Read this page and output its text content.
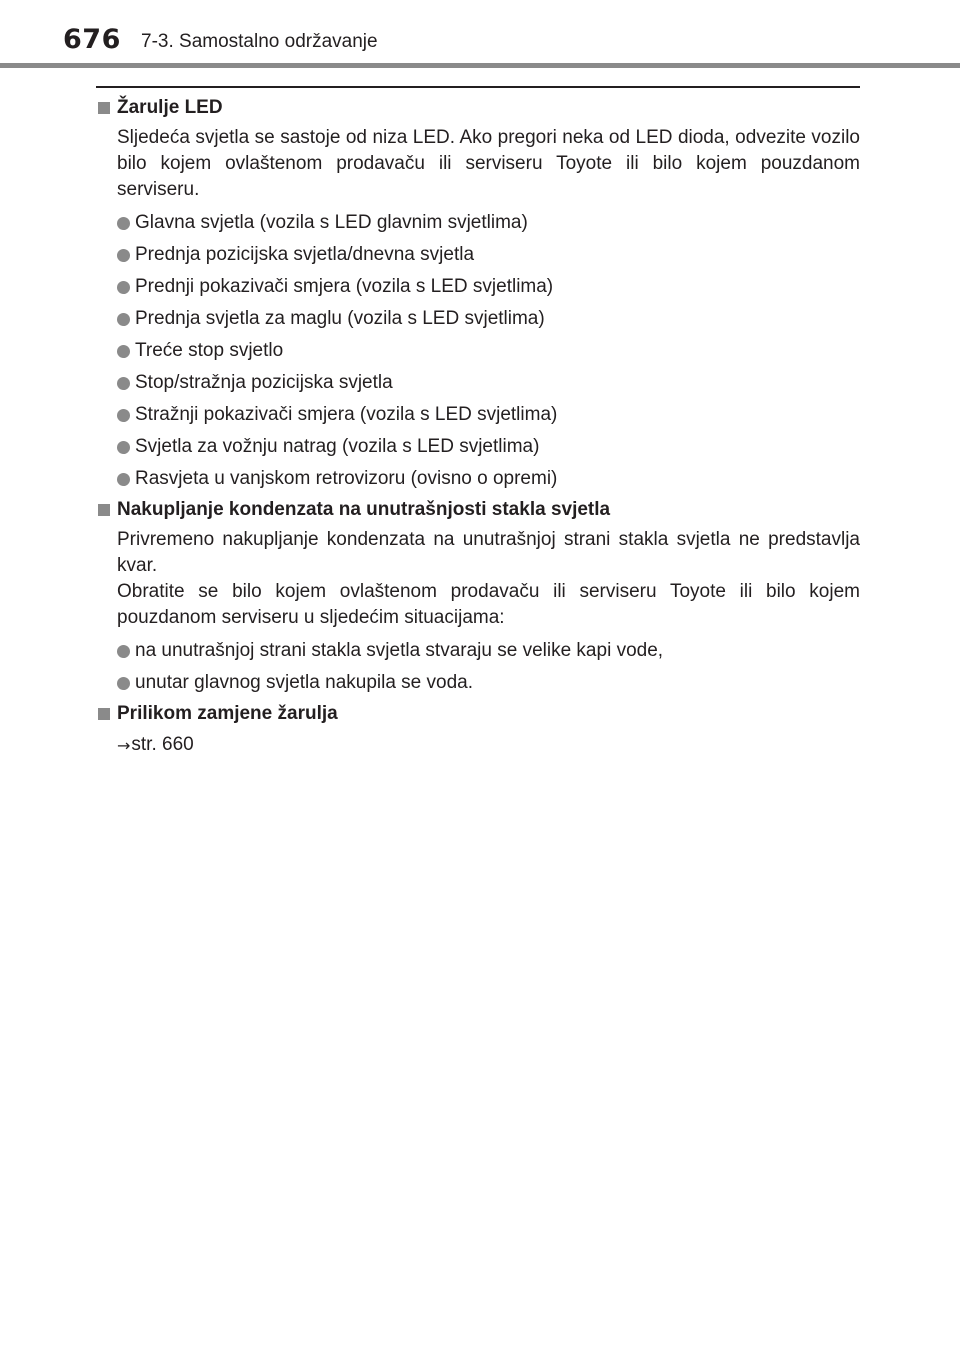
676 7-3. Samostalno održavanje
Žarulje LED
Sljedeća svjetla se sastoje od niza LED. Ako pregori neka od LED dioda, odvezite vozilo bilo kojem ovlaštenom prodavaču ili serviseru Toyote ili bilo kojem pouzdanom serviseru.
Glavna svjetla (vozila s LED glavnim svjetlima)
Prednja pozicijska svjetla/dnevna svjetla
Prednji pokazivači smjera (vozila s LED svjetlima)
Prednja svjetla za maglu (vozila s LED svjetlima)
Treće stop svjetlo
Stop/stražnja pozicijska svjetla
Stražnji pokazivači smjera (vozila s LED svjetlima)
Svjetla za vožnju natrag (vozila s LED svjetlima)
Rasvjeta u vanjskom retrovizoru (ovisno o opremi)
Nakupljanje kondenzata na unutrašnjosti stakla svjetla
Privremeno nakupljanje kondenzata na unutrašnjoj strani stakla svjetla ne predstavlja kvar.
Obratite se bilo kojem ovlaštenom prodavaču ili serviseru Toyote ili bilo kojem pouzdanom serviseru u sljedećim situacijama:
na unutrašnjoj strani stakla svjetla stvaraju se velike kapi vode,
unutar glavnog svjetla nakupila se voda.
Prilikom zamjene žarulja
→ str. 660
